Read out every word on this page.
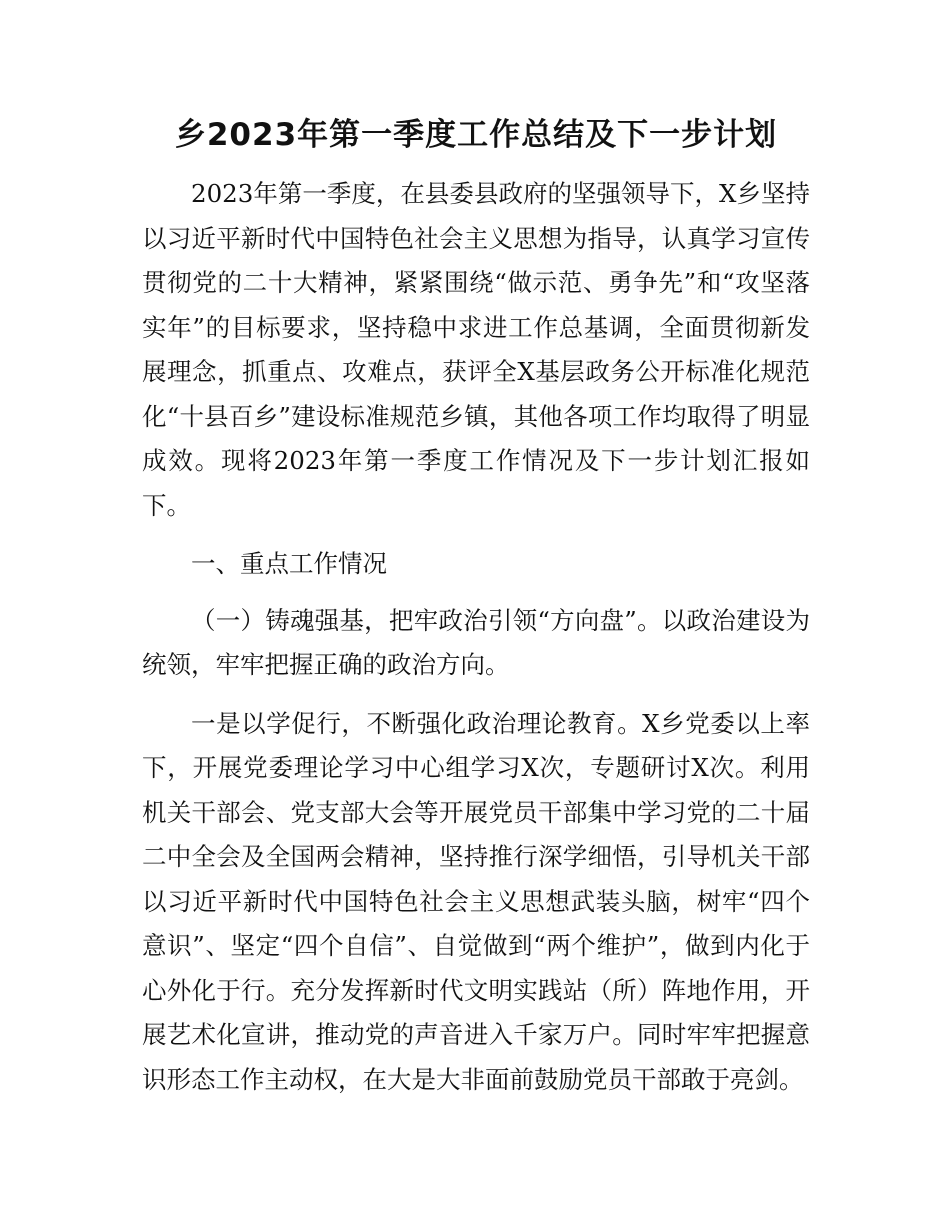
乡2023年第一季度工作总结及下一步计划

2023年第一季度，在县委县政府的坚强领导下，X乡坚持以习近平新时代中国特色社会主义思想为指导，认真学习宣传贯彻党的二十大精神，紧紧围绕“做示范、勇争先”和“攻坚落实年”的目标要求，坚持稳中求进工作总基调，全面贯彻新发展理念，抓重点、攻难点，获评全X基层政务公开标准化规范化“十县百乡”建设标准规范乡镇，其他各项工作均取得了明显成效。现将2023年第一季度工作情况及下一步计划汇报如下。

一、重点工作情况

（一）铸魂强基，把牢政治引领“方向盘”。以政治建设为统领，牢牢把握正确的政治方向。

一是以学促行，不断强化政治理论教育。X乡党委以上率下，开展党委理论学习中心组学习X次，专题研讨X次。利用机关干部会、党支部大会等开展党员干部集中学习党的二十届二中全会及全国两会精神，坚持推行深学细悟，引导机关干部以习近平新时代中国特色社会主义思想武装头脑，树牢“四个意识”、坚定“四个自信”、自觉做到“两个维护”，做到内化于心外化于行。充分发挥新时代文明实践站（所）阵地作用，开展艺术化宣讲，推动党的声音进入千家万户。同时牢牢把握意识形态工作主动权，在大是大非面前鼓励党员干部敢于亮剑。
